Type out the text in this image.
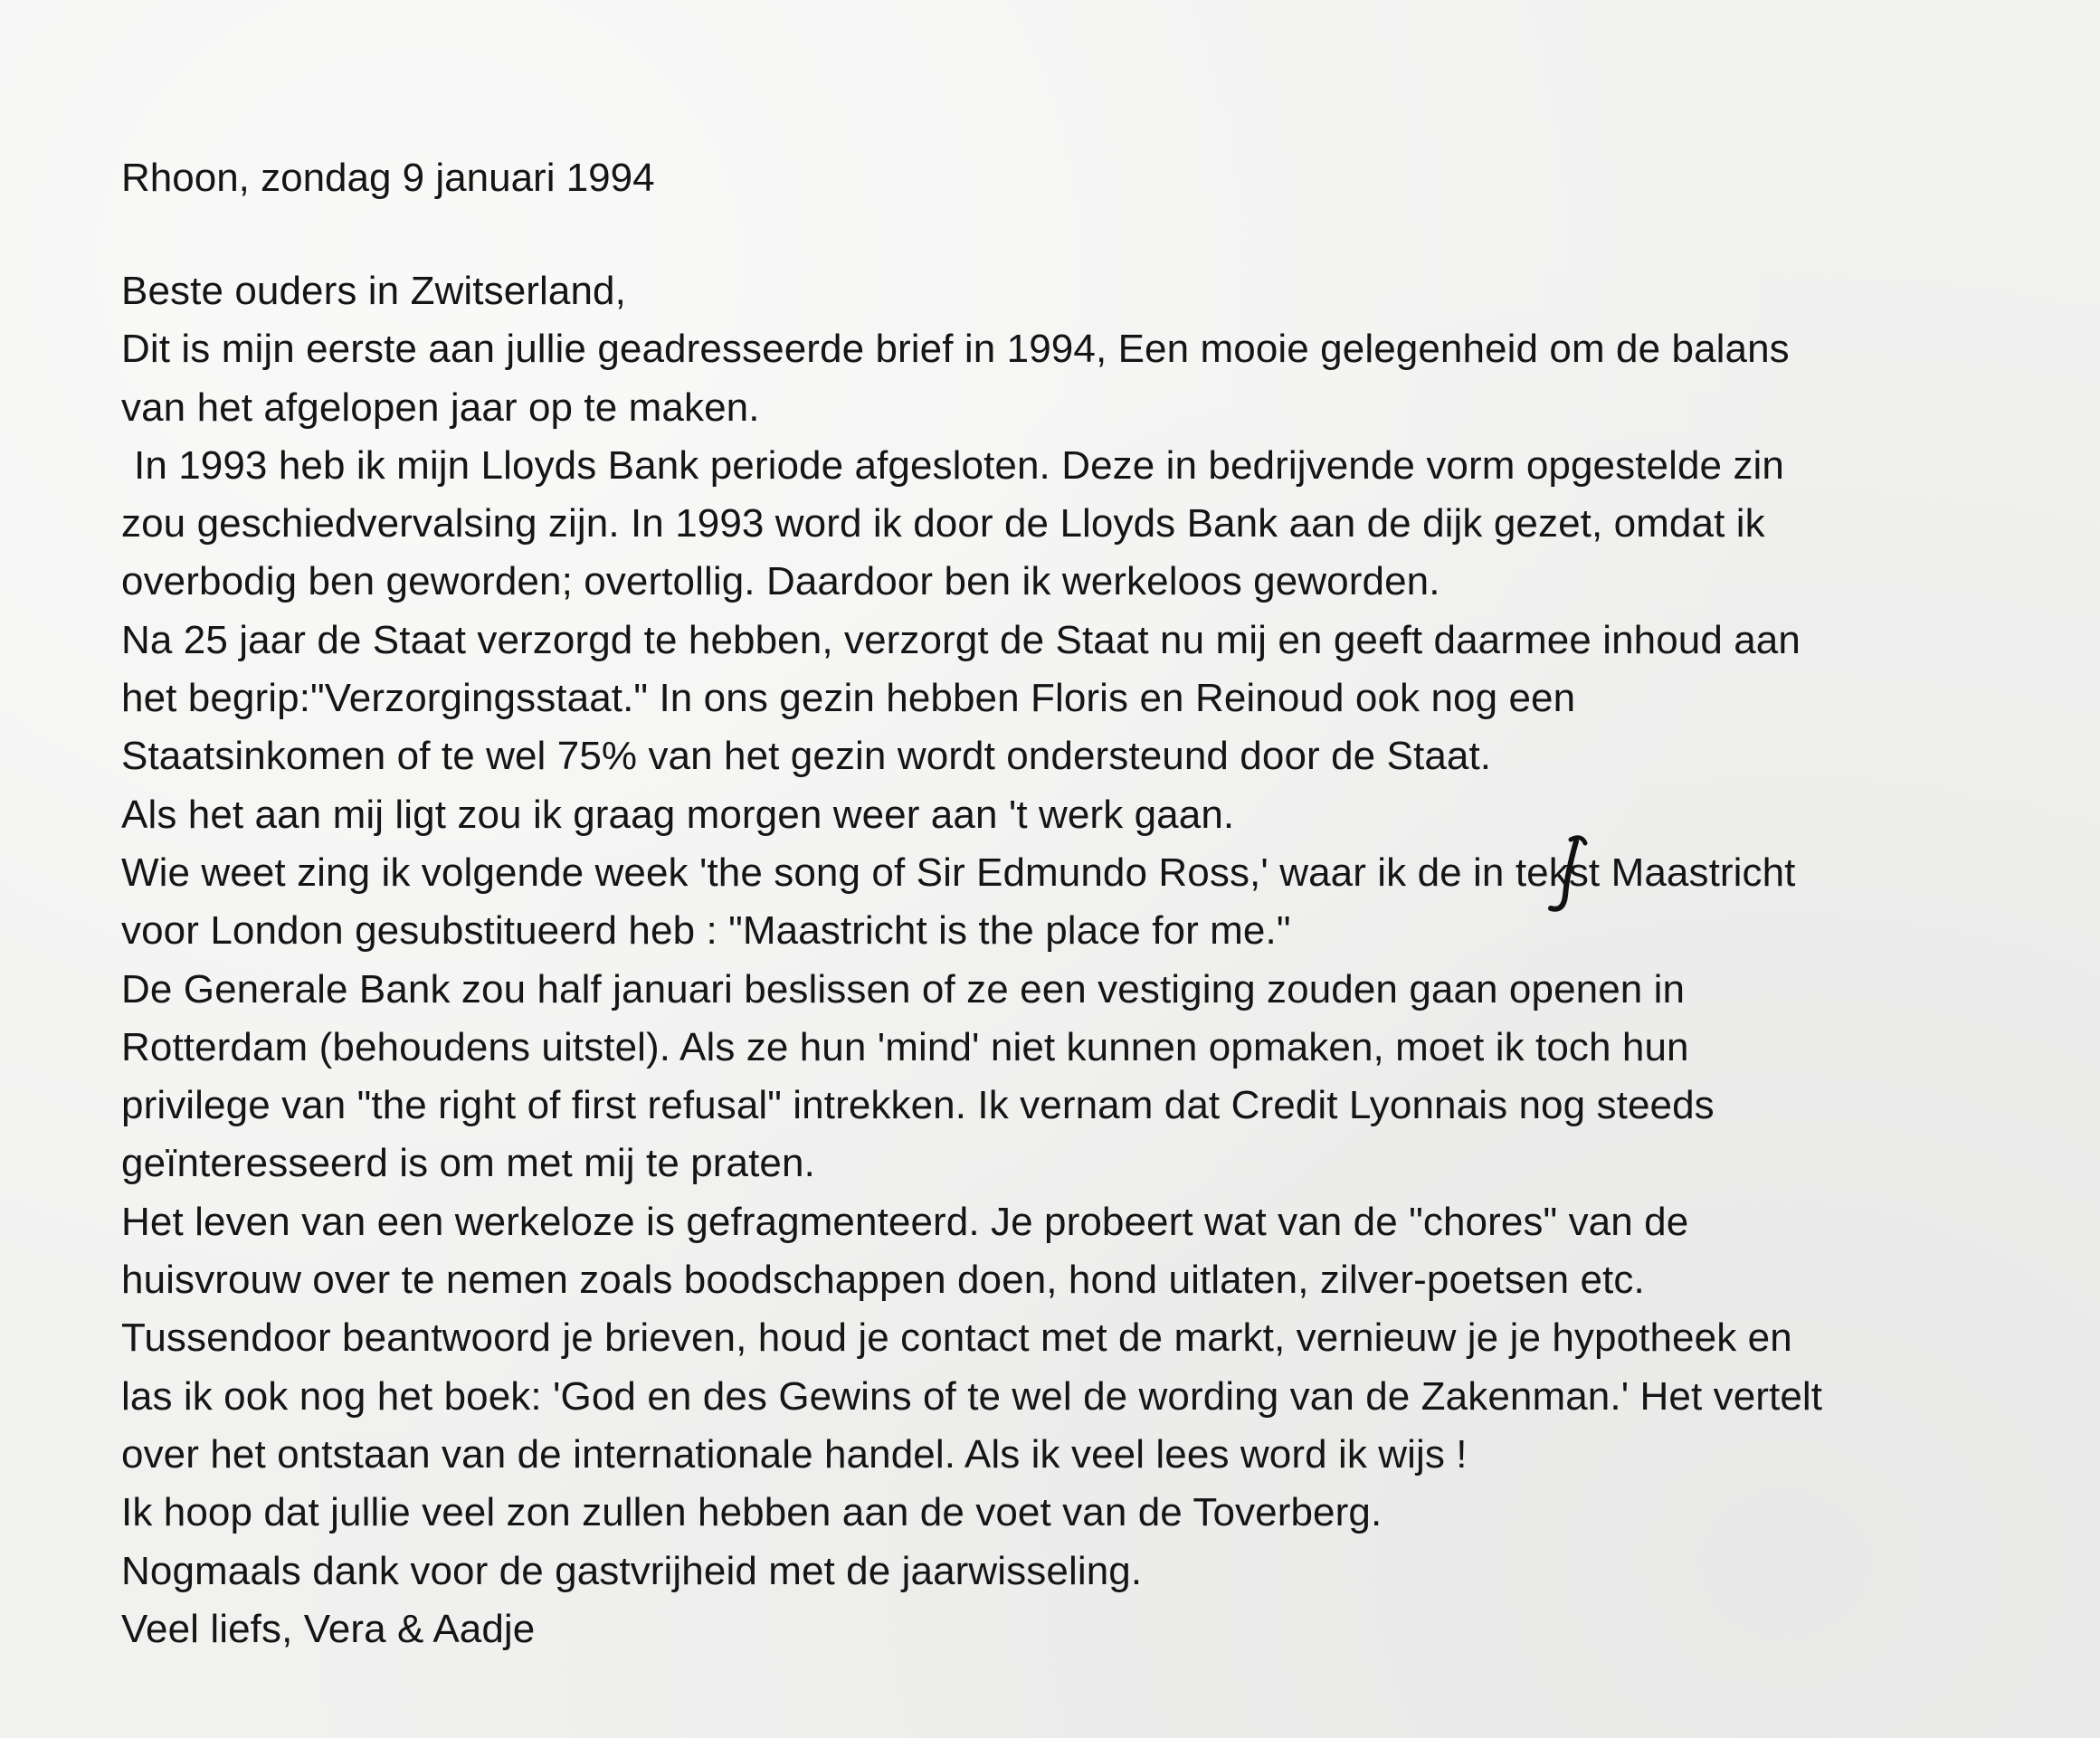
Rhoon, zondag 9 januari 1994
Beste ouders in Zwitserland,
Dit is mijn eerste aan jullie geadresseerde brief in 1994, Een mooie gelegenheid om de balans
van het afgelopen jaar op te maken.
In 1993 heb ik mijn Lloyds Bank periode afgesloten. Deze in bedrijvende vorm opgestelde zin
zou geschiedvervalsing zijn. In 1993 word ik door de Lloyds Bank aan de dijk gezet, omdat ik
overbodig ben geworden; overtollig. Daardoor ben ik werkeloos geworden.
Na 25 jaar de Staat verzorgd te hebben, verzorgt de Staat nu mij en geeft daarmee inhoud aan
het begrip:"Verzorgingsstaat." In ons gezin hebben Floris en Reinoud ook nog een
Staatsinkomen of te wel 75% van het gezin wordt ondersteund door de Staat.
Als het aan mij ligt zou ik graag morgen weer aan 't werk gaan.
Wie weet zing ik volgende week 'the song of Sir Edmundo Ross,' waar ik de in tekst Maastricht
voor London gesubstitueerd heb : "Maastricht is the place for me."
De Generale Bank zou half januari beslissen of ze een vestiging zouden gaan openen in
Rotterdam (behoudens uitstel). Als ze hun 'mind' niet kunnen opmaken, moet ik toch hun
privilege van "the right of first refusal" intrekken. Ik vernam dat Credit Lyonnais nog steeds
geïnteresseerd is om met mij te praten.
Het leven van een werkeloze is gefragmenteerd. Je probeert wat van de "chores" van de
huisvrouw over te nemen zoals boodschappen doen, hond uitlaten, zilver-poetsen etc.
Tussendoor beantwoord je brieven, houd je contact met de markt, vernieuw je je hypotheek en
las ik ook nog het boek: 'God en des Gewins of te wel de wording van de Zakenman.' Het vertelt
over het ontstaan van de internationale handel. Als ik veel lees word ik wijs !
Ik hoop dat jullie veel zon zullen hebben aan de voet van de Toverberg.
Nogmaals dank voor de gastvrijheid met de jaarwisseling.
Veel liefs, Vera & Aadje
